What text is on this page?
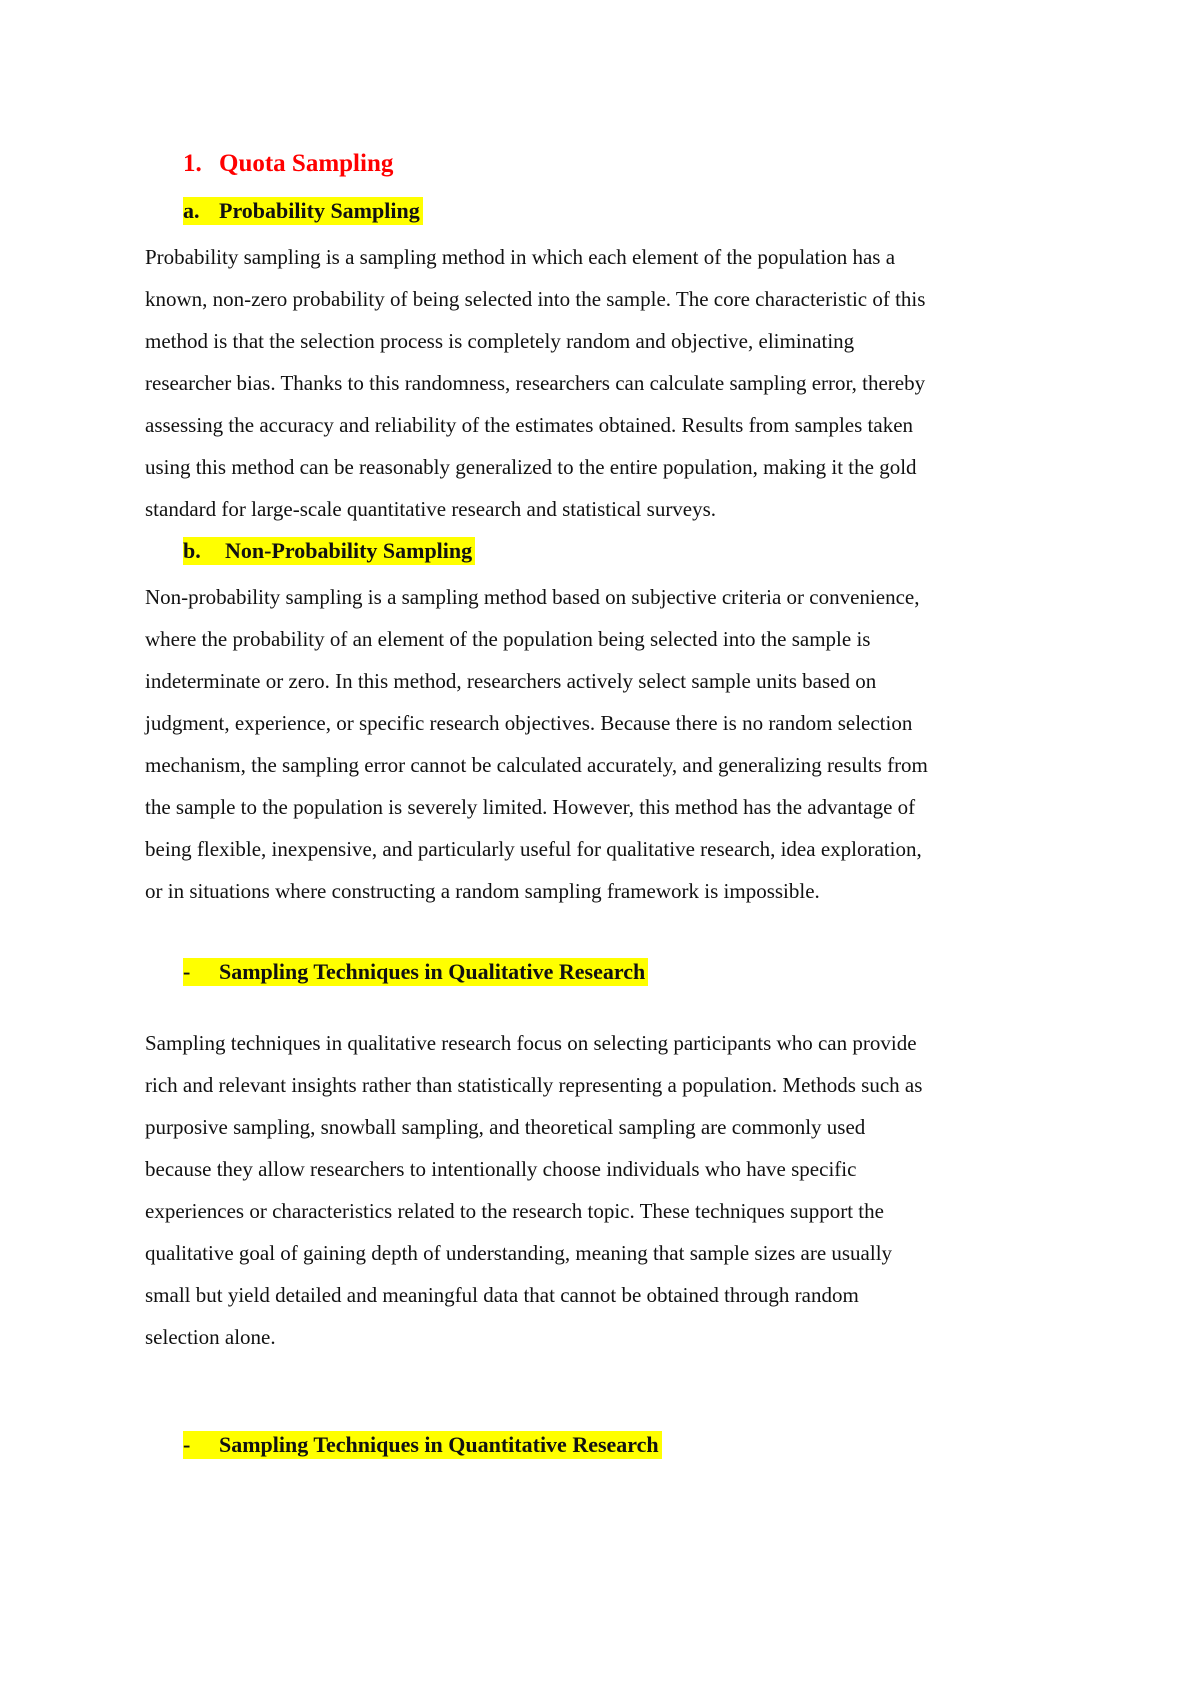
1. Quota Sampling
a. Probability Sampling
Probability sampling is a sampling method in which each element of the population has a
known, non-zero probability of being selected into the sample. The core characteristic of this
method is that the selection process is completely random and objective, eliminating
researcher bias. Thanks to this randomness, researchers can calculate sampling error, thereby
assessing the accuracy and reliability of the estimates obtained. Results from samples taken
using this method can be reasonably generalized to the entire population, making it the gold
standard for large-scale quantitative research and statistical surveys.
b. Non-Probability Sampling
Non-probability sampling is a sampling method based on subjective criteria or convenience,
where the probability of an element of the population being selected into the sample is
indeterminate or zero. In this method, researchers actively select sample units based on
judgment, experience, or specific research objectives. Because there is no random selection
mechanism, the sampling error cannot be calculated accurately, and generalizing results from
the sample to the population is severely limited. However, this method has the advantage of
being flexible, inexpensive, and particularly useful for qualitative research, idea exploration,
or in situations where constructing a random sampling framework is impossible.
- Sampling Techniques in Qualitative Research
Sampling techniques in qualitative research focus on selecting participants who can provide
rich and relevant insights rather than statistically representing a population. Methods such as
purposive sampling, snowball sampling, and theoretical sampling are commonly used
because they allow researchers to intentionally choose individuals who have specific
experiences or characteristics related to the research topic. These techniques support the
qualitative goal of gaining depth of understanding, meaning that sample sizes are usually
small but yield detailed and meaningful data that cannot be obtained through random
selection alone.
- Sampling Techniques in Quantitative Research
